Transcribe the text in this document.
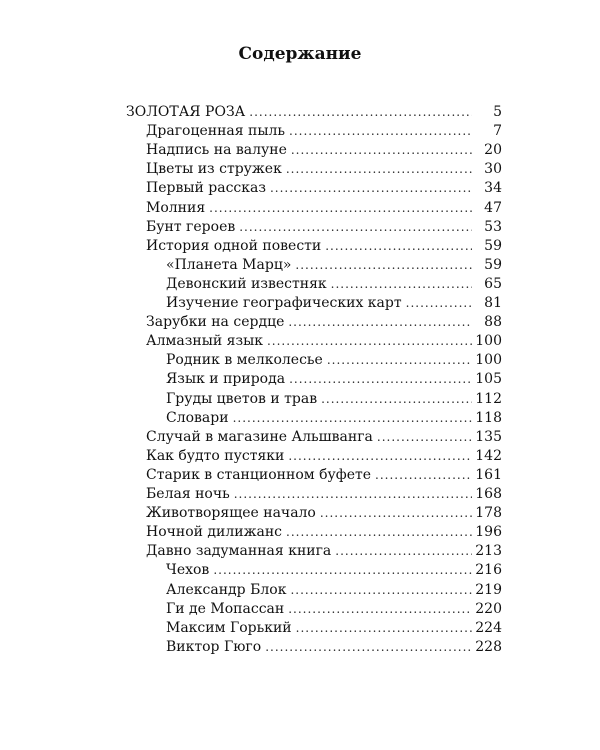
Содержание
ЗОЛОТАЯ РОЗА .....	5
Драгоценная пыль .....	7
Надпись на валуне .....	20
Цветы из стружек .....	30
Первый рассказ .....	34
Молния .....	47
Бунт героев .....	53
История одной повести .....	59
«Планета Марц» .....	59
Девонский известняк .....	65
Изучение географических карт .....	81
Зарубки на сердце .....	88
Алмазный язык .....	100
Родник в мелколесье .....	100
Язык и природа .....	105
Груды цветов и трав .....	112
Словари .....	118
Случай в магазине Альшванга .....	135
Как будто пустяки .....	142
Старик в станционном буфете .....	161
Белая ночь .....	168
Животворящее начало .....	178
Ночной дилижанс .....	196
Давно задуманная книга .....	213
Чехов .....	216
Александр Блок .....	219
Ги де Мопассан .....	220
Максим Горький .....	224
Виктор Гюго .....	228
